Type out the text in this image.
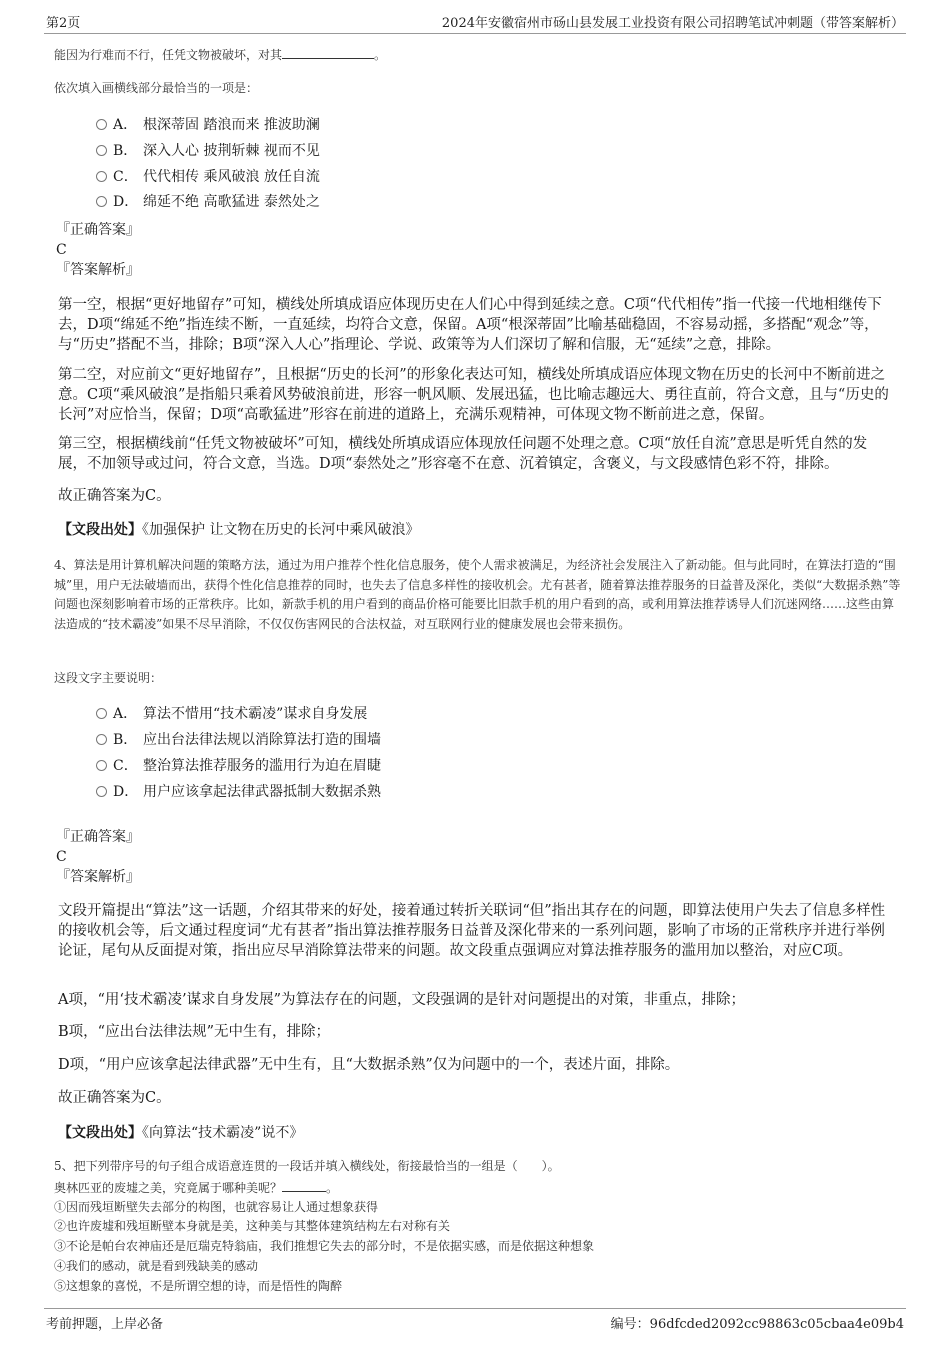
第2页	2024年安徽宿州市砀山县发展工业投资有限公司招聘笔试冲刺题（带答案解析）
能因为行难而不行，任凭文物被破坏，对其	。
依次填入画横线部分最恰当的一项是：
A． 根深蒂固 踏浪而来 推波助澜
B． 深入人心 披荆斩棘 视而不见
C． 代代相传 乘风破浪 放任自流
D． 绵延不绝 高歌猛进 泰然处之
『正确答案』
C
『答案解析』
第一空，根据“更好地留存”可知，横线处所填成语应体现历史在人们心中得到延续之意。C项“代代相传”指一代接一代地相继传下去，D项“绵延不绝”指连续不断，一直延续，均符合文意，保留。A项“根深蒂固”比喻基础稳固，不容易动摇，多搭配“观念”等，与“历史”搭配不当，排除；B项“深入人心”指理论、学说、政策等为人们深切了解和信服，无“延续”之意，排除。
第二空，对应前文“更好地留存”，且根据“历史的长河”的形象化表达可知，横线处所填成语应体现文物在历史的长河中不断前进之意。C项“乘风破浪”是指船只乘着风势破浪前进，形容一帆风顺、发展迅猛，也比喻志趣远大、勇往直前，符合文意，且与“历史的长河”对应恰当，保留；D项“高歌猛进”形容在前进的道路上，充满乐观精神，可体现文物不断前进之意，保留。
第三空，根据横线前“任凭文物被破坏”可知，横线处所填成语应体现放任问题不处理之意。C项“放任自流”意思是听凭自然的发展，不加领导或过问，符合文意，当选。D项“泰然处之”形容毫不在意、沉着镇定，含褒义，与文段感情色彩不符，排除。
故正确答案为C。
【文段出处】《加强保护 让文物在历史的长河中乘风破浪》
4、算法是用计算机解决问题的策略方法，通过为用户推荐个性化信息服务，使个人需求被满足，为经济社会发展注入了新动能。但与此同时，在算法打造的“围城”里，用户无法破墙而出，获得个性化信息推荐的同时，也失去了信息多样性的接收机会。尤有甚者，随着算法推荐服务的日益普及深化，类似“大数据杀熟”等问题也深刻影响着市场的正常秩序。比如，新款手机的用户看到的商品价格可能要比旧款手机的用户看到的高，或利用算法推荐诱导人们沉迷网络……这些由算法造成的“技术霸凌”如果不尽早消除，不仅仅伤害网民的合法权益，对互联网行业的健康发展也会带来损伤。
这段文字主要说明：
A． 算法不惜用“技术霸凌”谋求自身发展
B． 应出台法律法规以消除算法打造的围墙
C． 整治算法推荐服务的滥用行为迫在眉睫
D． 用户应该拿起法律武器抵制大数据杀熟
『正确答案』
C
『答案解析』
文段开篇提出“算法”这一话题，介绍其带来的好处，接着通过转折关联词“但”指出其存在的问题，即算法使用户失去了信息多样性的接收机会等，后文通过程度词“尤有甚者”指出算法推荐服务日益普及深化带来的一系列问题，影响了市场的正常秩序并进行举例论证，尾句从反面提对策，指出应尽早消除算法带来的问题。故文段重点强调应对算法推荐服务的滥用加以整治，对应C项。
A项，“用‘技术霸凌’谋求自身发展”为算法存在的问题，文段强调的是针对问题提出的对策，非重点，排除；
B项，“应出台法律法规”无中生有，排除；
D项，“用户应该拿起法律武器”无中生有，且“大数据杀熟”仅为问题中的一个，表述片面，排除。
故正确答案为C。
【文段出处】《向算法“技术霸凌”说不》
5、把下列带序号的句子组合成语意连贯的一段话并填入横线处，衔接最恰当的一组是（　　）。
奥林匹亚的废墟之美，究竟属于哪种美呢？	。
①因而残垣断壁失去部分的构图，也就容易让人通过想象获得
②也许废墟和残垣断壁本身就是美，这种美与其整体建筑结构左右对称有关
③不论是帕台农神庙还是厄瑞克特翁庙，我们推想它失去的部分时，不是依据实感，而是依据这种想象
④我们的感动，就是看到残缺美的感动
⑤这想象的喜悦，不是所谓空想的诗，而是悟性的陶醉
考前押题，上岸必备	编号：96dfcded2092cc98863c05cbaa4e09b4
